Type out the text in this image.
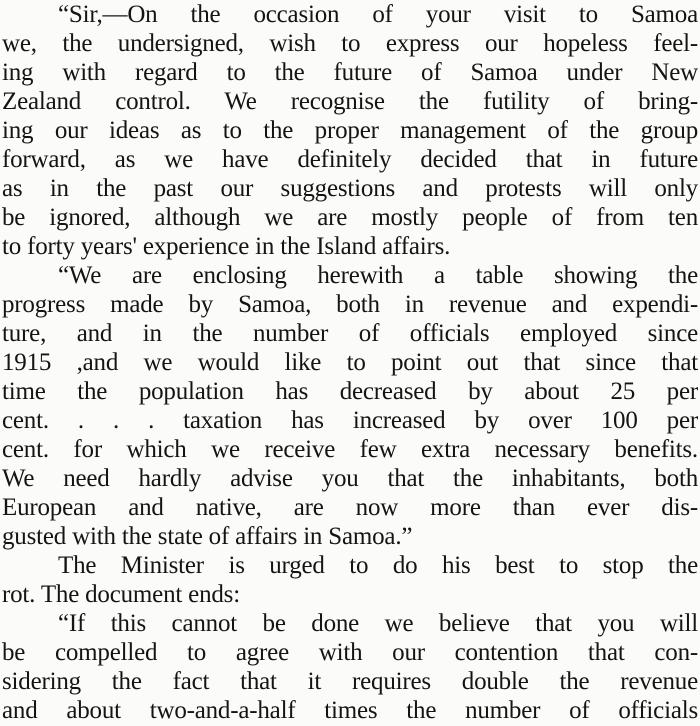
“Sir,—On the occasion of your visit to Samoa
we, the undersigned, wish to express our hopeless feel-
ing with regard to the future of Samoa under New
Zealand control. We recognise the futility of bring-
ing our ideas as to the proper management of the group
forward, as we have definitely decided that in future
as in the past our suggestions and protests will only
be ignored, although we are mostly people of from ten
to forty years' experience in the Island affairs.
“We are enclosing herewith a table showing the
progress made by Samoa, both in revenue and expendi-
ture, and in the number of officials employed since
1915 ,and we would like to point out that since that
time the population has decreased by about 25 per
cent. . . . taxation has increased by over 100 per
cent. for which we receive few extra necessary benefits.
We need hardly advise you that the inhabitants, both
European and native, are now more than ever dis-
gusted with the state of affairs in Samoa.”
The Minister is urged to do his best to stop the
rot. The document ends:
“If this cannot be done we believe that you will
be compelled to agree with our contention that con-
sidering the fact that it requires double the revenue
and about two-and-a-half times the number of officials
